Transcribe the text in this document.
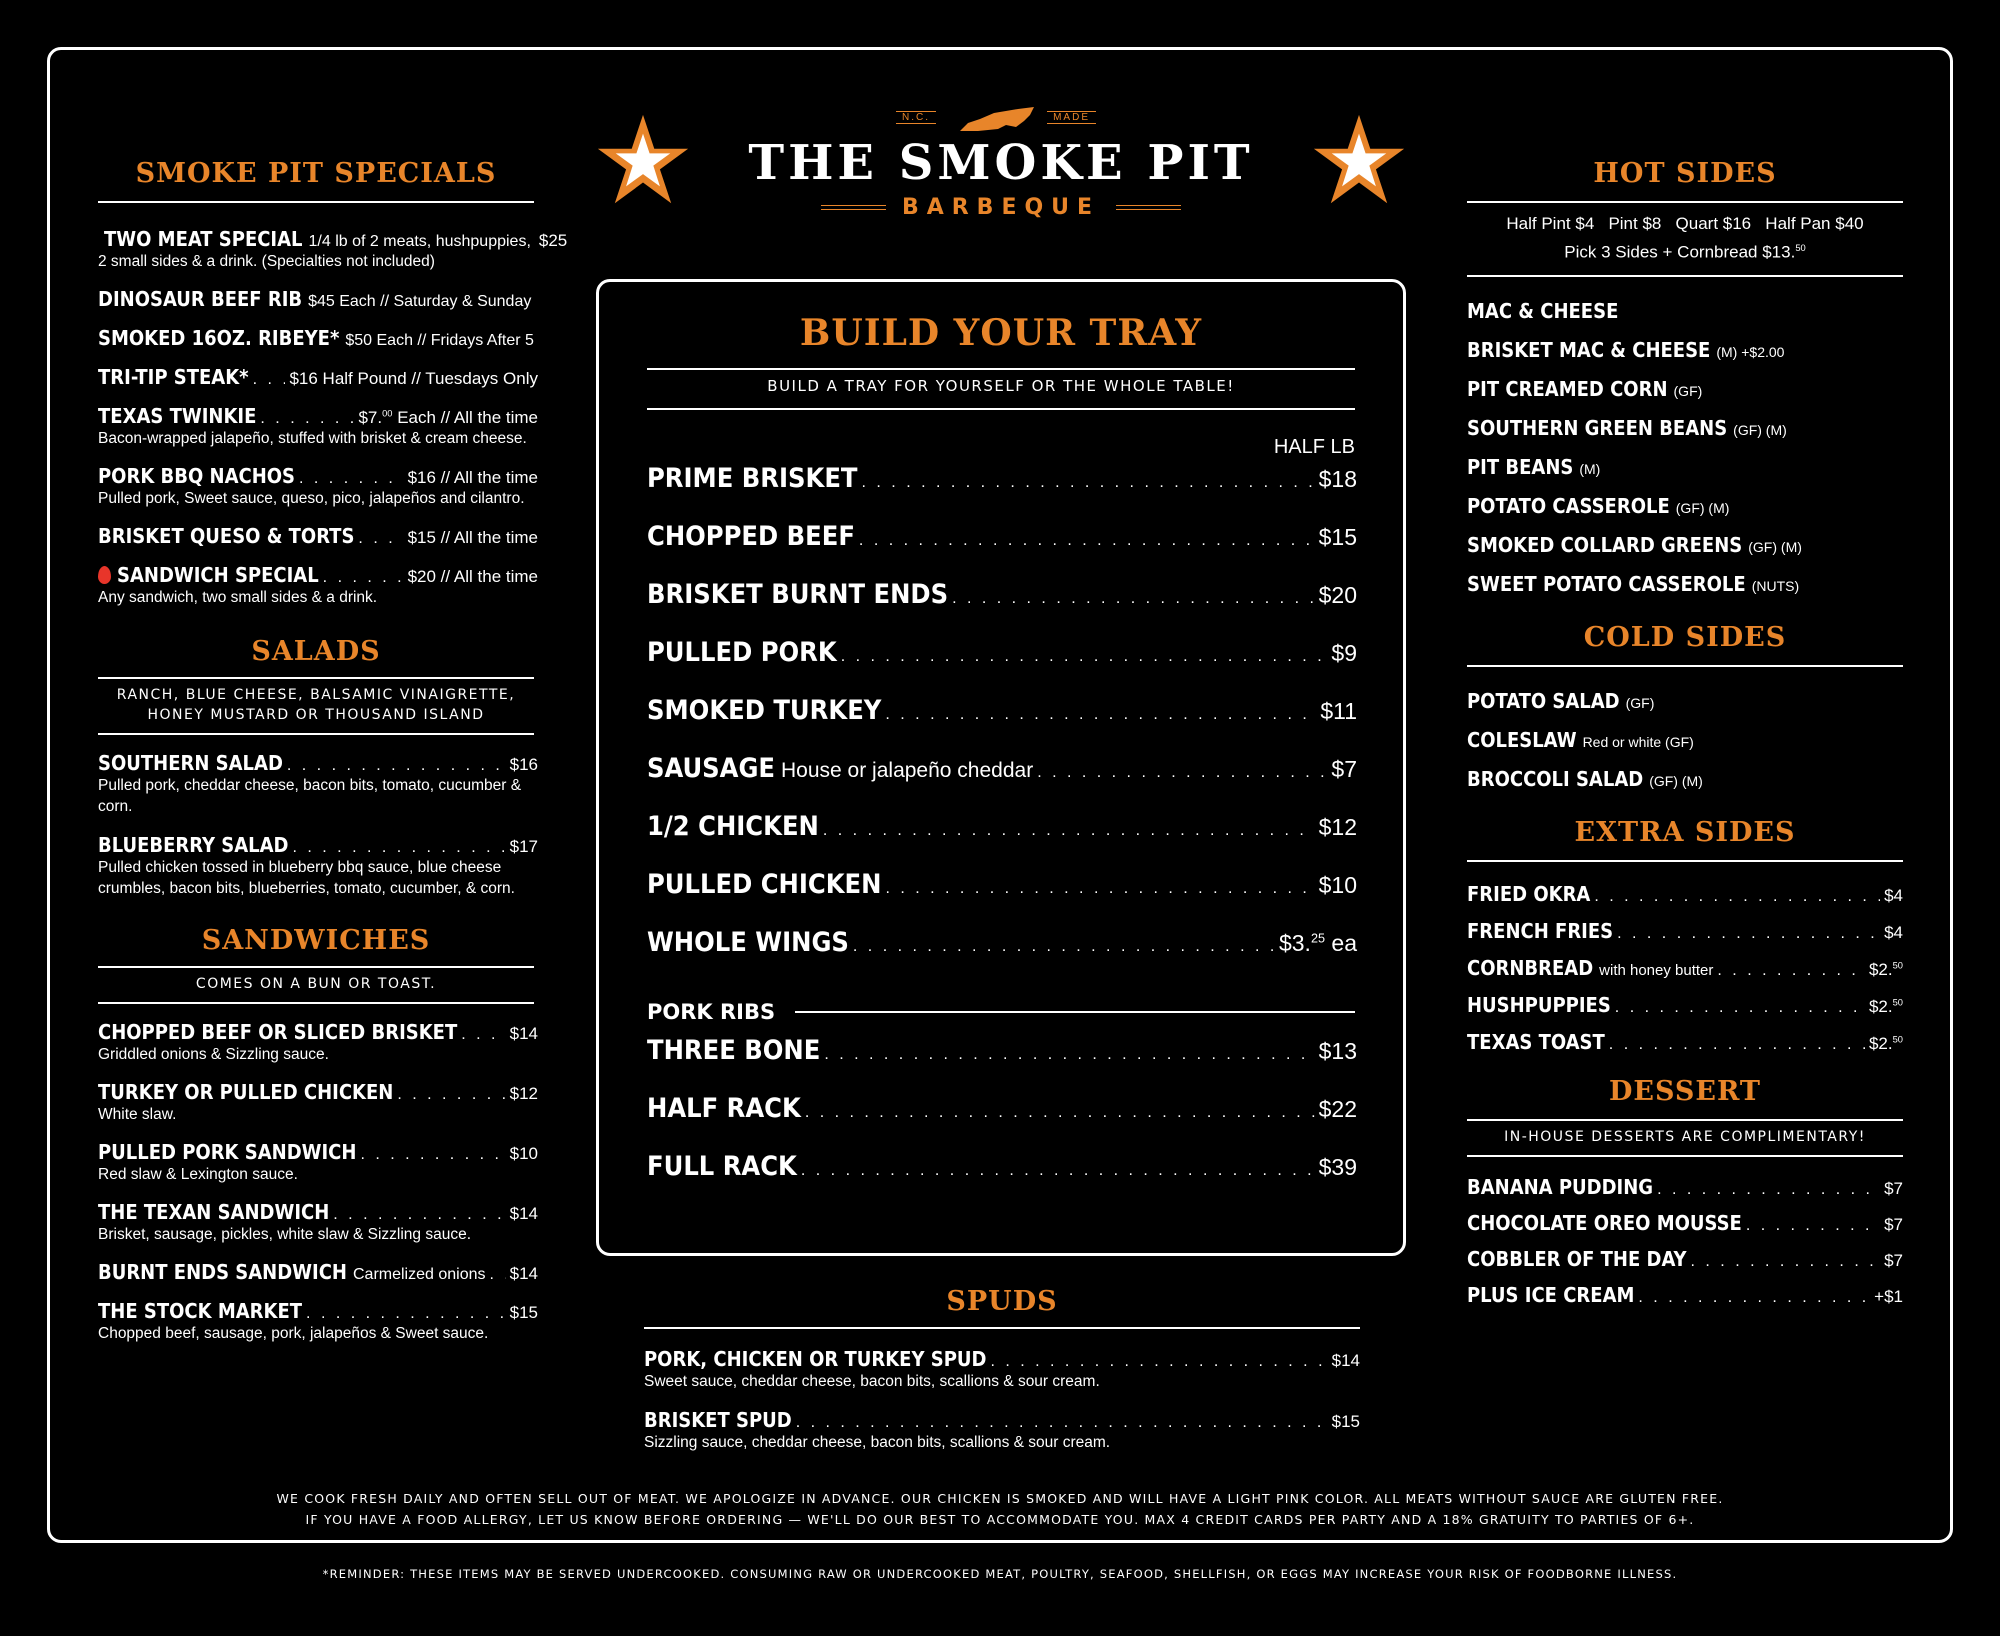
N.C.	MADE
THE SMOKE PIT
BARBEQUE
SMOKE PIT SPECIALS
TWO MEAT SPECIAL 1/4 lb of 2 meats, hushpuppies, $25
2 small sides & a drink. (Specialties not included)
DINOSAUR BEEF RIB $45 Each // Saturday & Sunday
SMOKED 16OZ. RIBEYE* $50 Each // Fridays After 5
TRI-TIP STEAK* . . . $16 Half Pound // Tuesdays Only
TEXAS TWINKIE . . .	$7.00 Each // All the time
Bacon-wrapped jalapeño, stuffed with brisket & cream cheese.
PORK BBQ NACHOS . . .	$16 // All the time
Pulled pork, Sweet sauce, queso, pico, jalapeños and cilantro.
BRISKET QUESO & TORTS . . .	$15 // All the time
SANDWICH SPECIAL . . .	$20 // All the time
Any sandwich, two small sides & a drink.
SALADS
RANCH, BLUE CHEESE, BALSAMIC VINAIGRETTE,
HONEY MUSTARD OR THOUSAND ISLAND
SOUTHERN SALAD . . .	$16
Pulled pork, cheddar cheese, bacon bits, tomato, cucumber & corn.
BLUEBERRY SALAD . . .	$17
Pulled chicken tossed in blueberry bbq sauce, blue cheese
crumbles, bacon bits, blueberries, tomato, cucumber, & corn.
SANDWICHES
COMES ON A BUN OR TOAST.
CHOPPED BEEF OR SLICED BRISKET . . .	$14
Griddled onions & Sizzling sauce.
TURKEY OR PULLED CHICKEN . . .	$12
White slaw.
PULLED PORK SANDWICH . . .	$10
Red slaw & Lexington sauce.
THE TEXAN SANDWICH . . .	$14
Brisket, sausage, pickles, white slaw & Sizzling sauce.
BURNT ENDS SANDWICH Carmelized onions . . . $14
THE STOCK MARKET . . .	$15
Chopped beef, sausage, pork, jalapeños & Sweet sauce.
BUILD YOUR TRAY
BUILD A TRAY FOR YOURSELF OR THE WHOLE TABLE!
HALF LB
PRIME BRISKET . . .	$18
CHOPPED BEEF . . .	$15
BRISKET BURNT ENDS . . .	$20
PULLED PORK . . .	$9
SMOKED TURKEY . . .	$11
SAUSAGE House or jalapeño cheddar . . .	$7
1/2 CHICKEN . . .	$12
PULLED CHICKEN . . .	$10
WHOLE WINGS . . .	$3.25 ea
PORK RIBS
THREE BONE . . .	$13
HALF RACK . . .	$22
FULL RACK . . .	$39
SPUDS
PORK, CHICKEN OR TURKEY SPUD . . .	$14
Sweet sauce, cheddar cheese, bacon bits, scallions & sour cream.
BRISKET SPUD . . .	$15
Sizzling sauce, cheddar cheese, bacon bits, scallions & sour cream.
HOT SIDES
Half Pint $4   Pint $8   Quart $16   Half Pan $40
Pick 3 Sides + Cornbread $13.50
MAC & CHEESE
BRISKET MAC & CHEESE (M) +$2.00
PIT CREAMED CORN (GF)
SOUTHERN GREEN BEANS (GF) (M)
PIT BEANS (M)
POTATO CASSEROLE (GF) (M)
SMOKED COLLARD GREENS (GF) (M)
SWEET POTATO CASSEROLE (NUTS)
COLD SIDES
POTATO SALAD (GF)
COLESLAW Red or white (GF)
BROCCOLI SALAD (GF) (M)
EXTRA SIDES
FRIED OKRA . . .	$4
FRENCH FRIES . . .	$4
CORNBREAD with honey butter . . .	$2.50
HUSHPUPPIES . . .	$2.50
TEXAS TOAST . . .	$2.50
DESSERT
IN-HOUSE DESSERTS ARE COMPLIMENTARY!
BANANA PUDDING . . .	$7
CHOCOLATE OREO MOUSSE . . .	$7
COBBLER OF THE DAY . . .	$7
PLUS ICE CREAM . . .	+$1
WE COOK FRESH DAILY AND OFTEN SELL OUT OF MEAT. WE APOLOGIZE IN ADVANCE. OUR CHICKEN IS SMOKED AND WILL HAVE A LIGHT PINK COLOR. ALL MEATS WITHOUT SAUCE ARE GLUTEN FREE.
IF YOU HAVE A FOOD ALLERGY, LET US KNOW BEFORE ORDERING — WE'LL DO OUR BEST TO ACCOMMODATE YOU. MAX 4 CREDIT CARDS PER PARTY AND A 18% GRATUITY TO PARTIES OF 6+.
*REMINDER: THESE ITEMS MAY BE SERVED UNDERCOOKED. CONSUMING RAW OR UNDERCOOKED MEAT, POULTRY, SEAFOOD, SHELLFISH, OR EGGS MAY INCREASE YOUR RISK OF FOODBORNE ILLNESS.
